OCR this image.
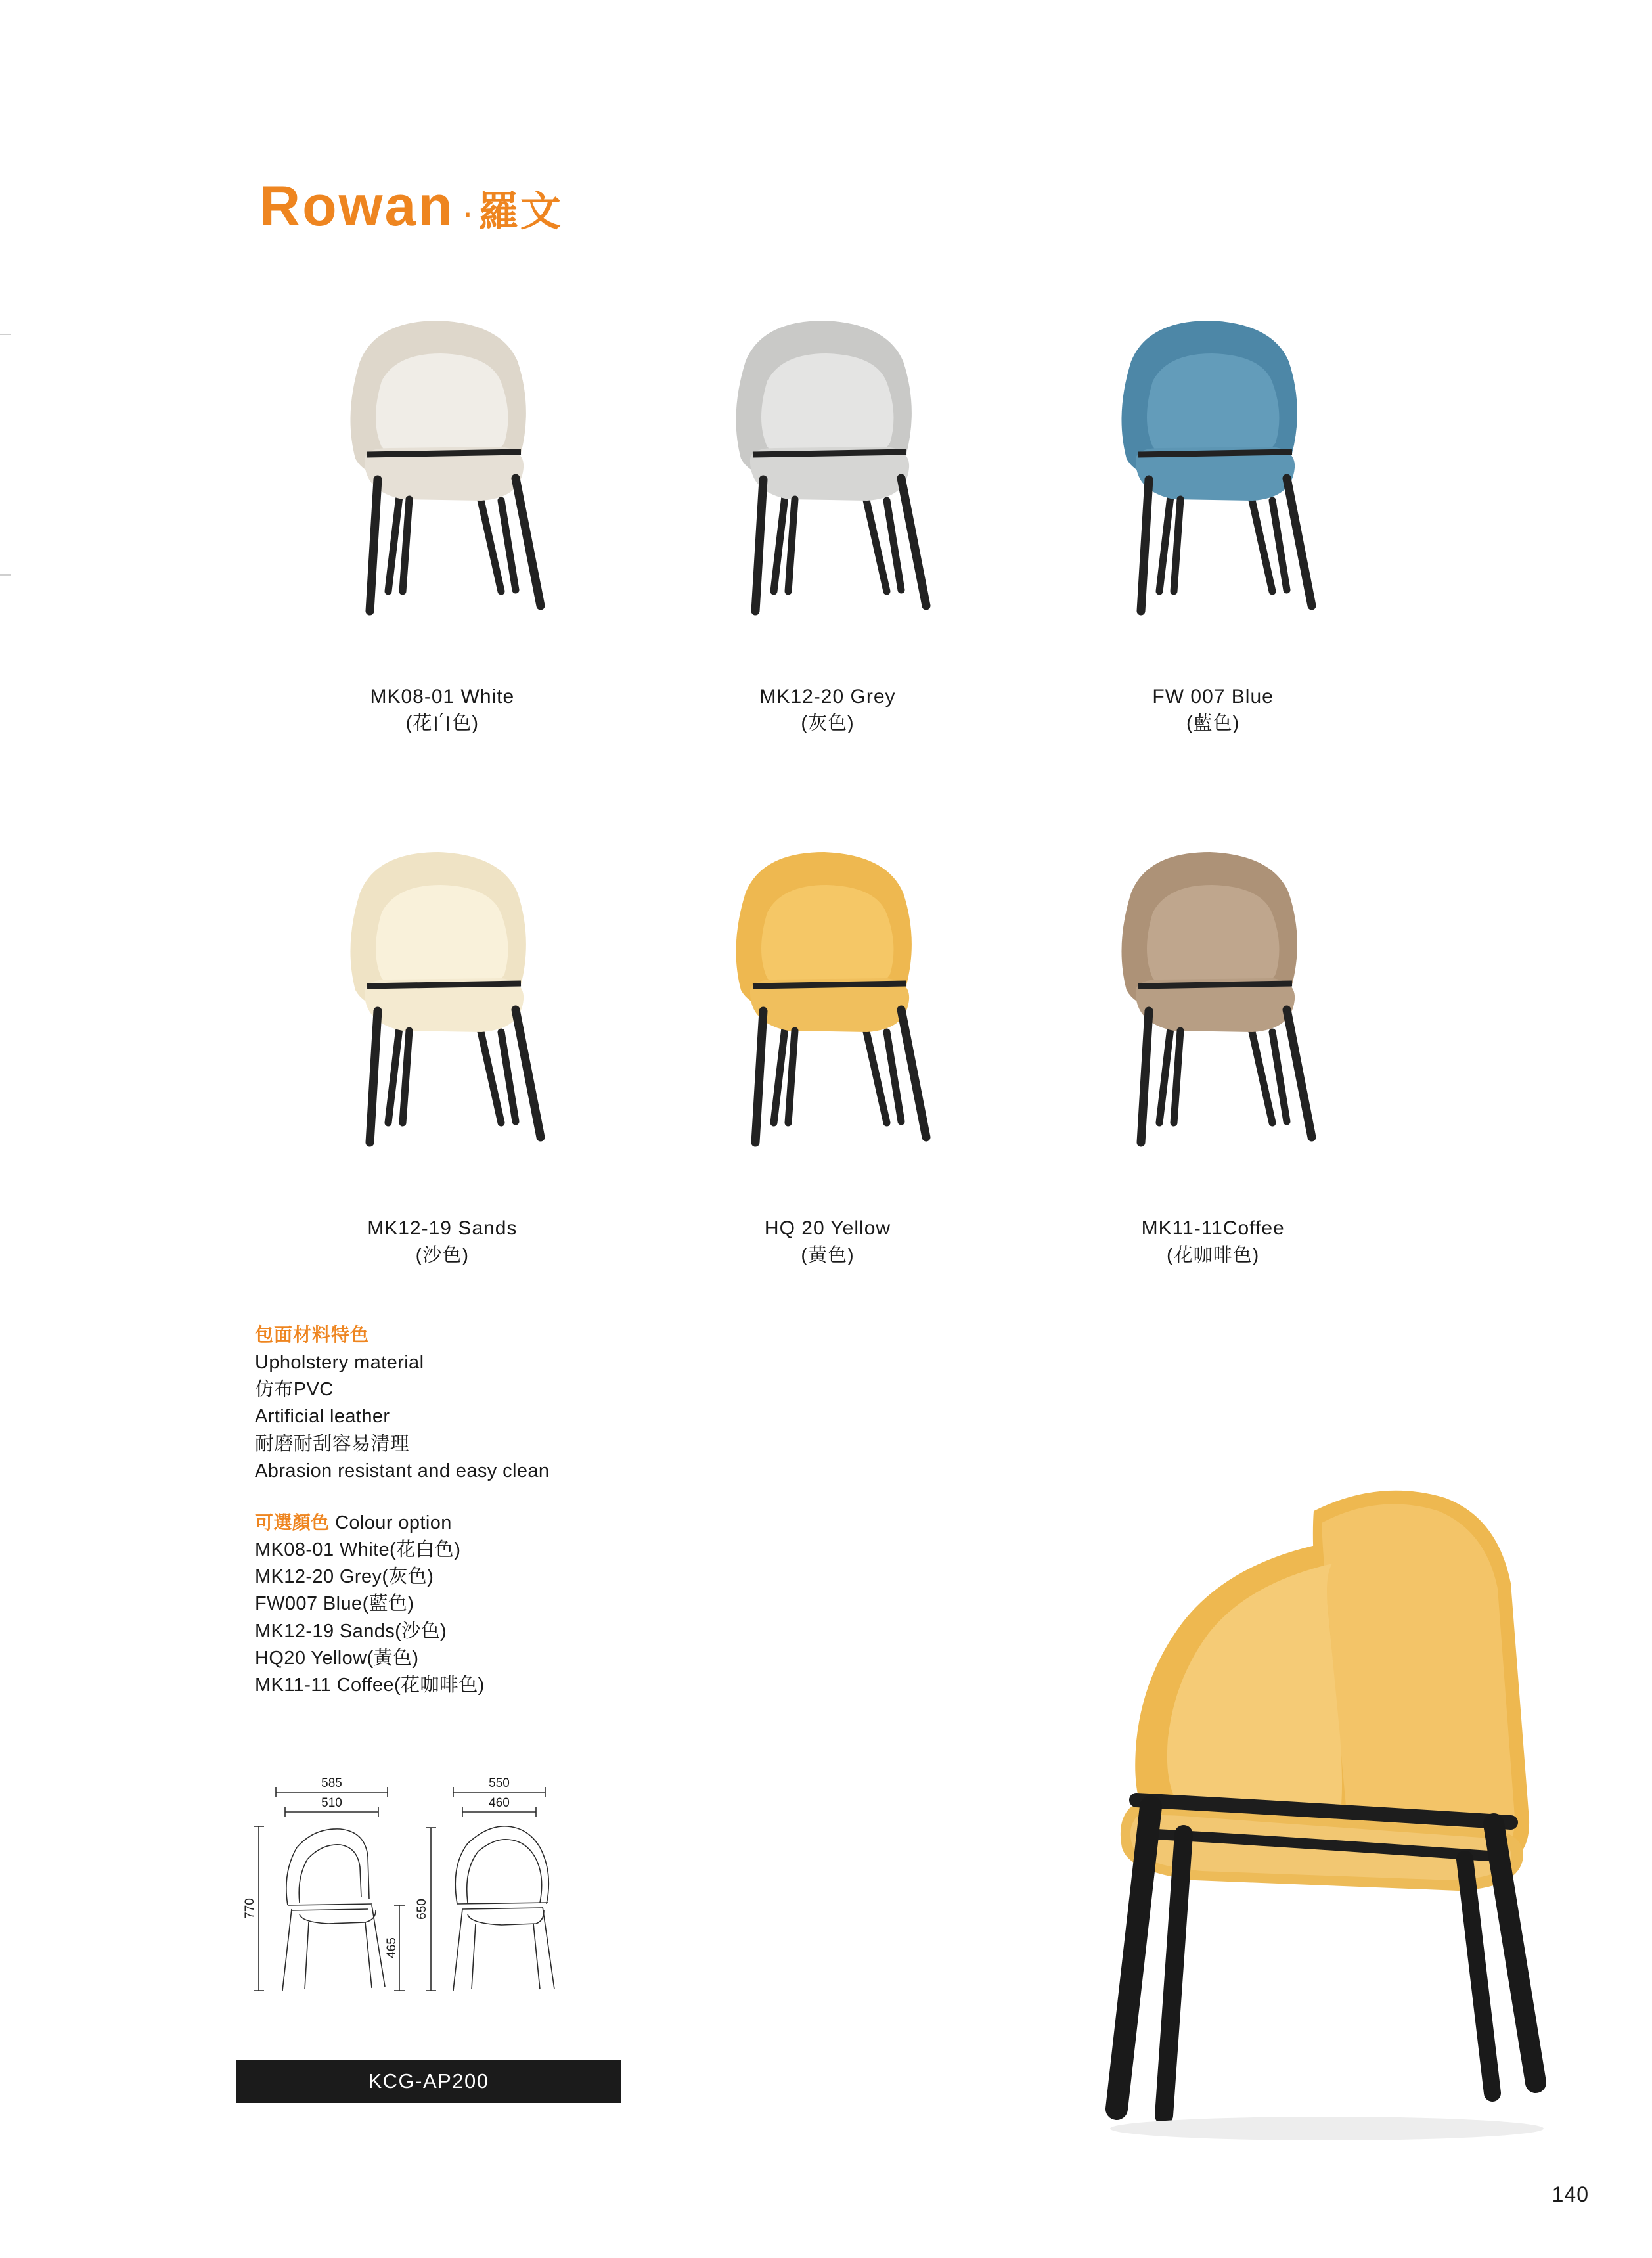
Rowan · 羅文
MK08-01 White
(花白色)
MK12-20 Grey
(灰色)
FW 007 Blue
(藍色)
MK12-19 Sands
(沙色)
HQ 20 Yellow
(黃色)
MK11-11Coffee
(花咖啡色)
包面材料特色

Upholstery material

仿布PVC

Artificial leather

耐磨耐刮容易清理

Abrasion resistant and easy clean

可選顏色 Colour option

MK08-01 White(花白色)

MK12-20 Grey(灰色)

FW007 Blue(藍色)

MK12-19 Sands(沙色)

HQ20 Yellow(黃色)

MK11-11 Coffee(花咖啡色)

585
510
550
460
770
465
650
KCG-AP200
140
